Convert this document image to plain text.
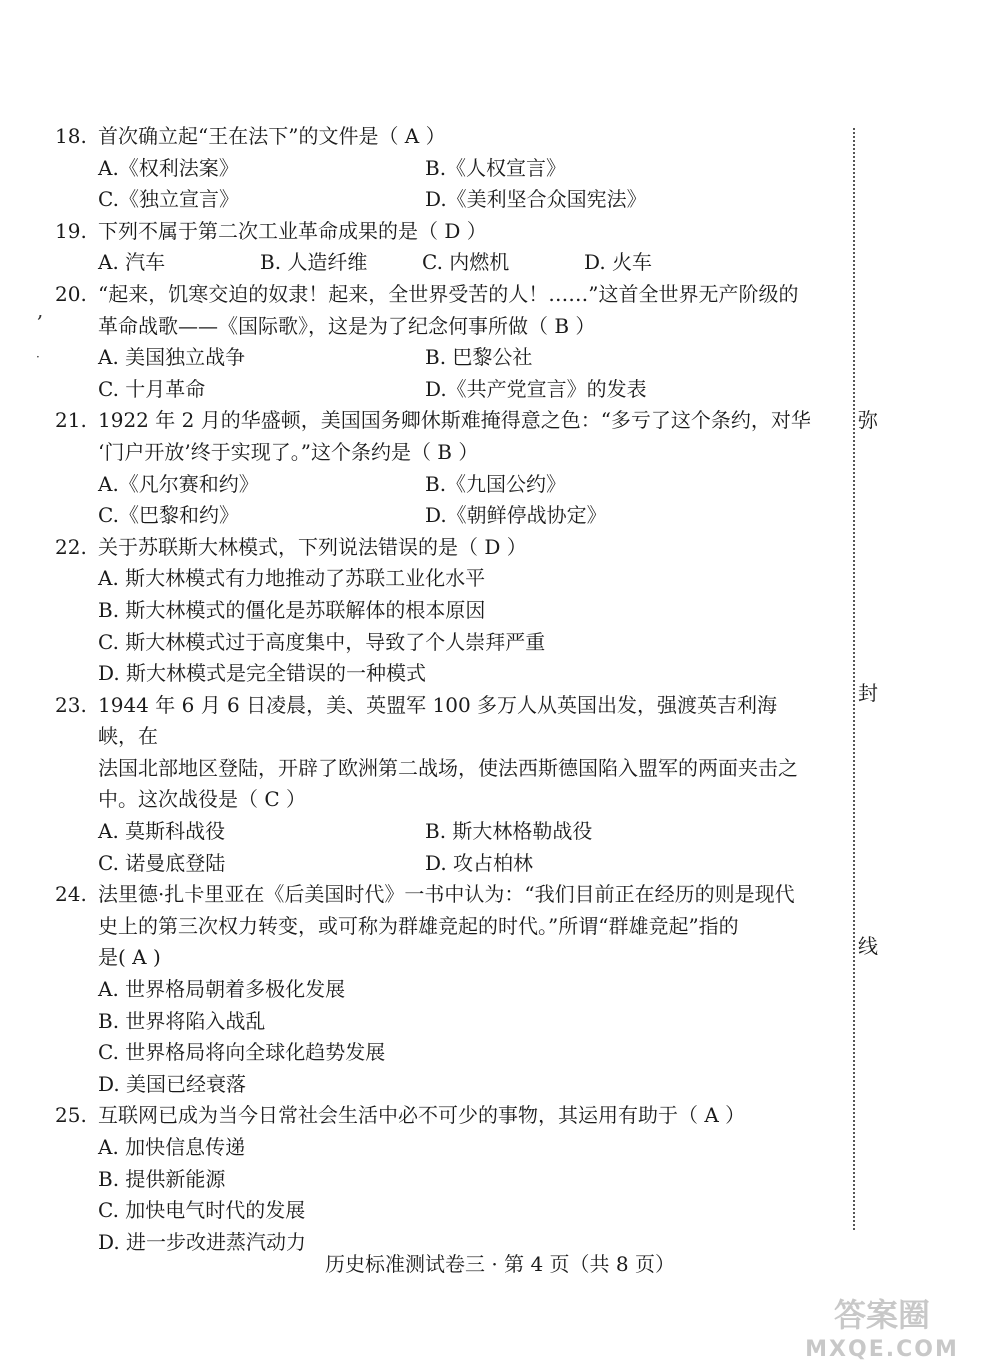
18. 首次确立起“王在法下”的文件是（ A ）
A.《权利法案》	B.《人权宣言》
C.《独立宣言》	D.《美利坚合众国宪法》
19. 下列不属于第二次工业革命成果的是（ D ）
A. 汽车	B. 人造纤维	C. 内燃机	D. 火车
20. “起来，饥寒交迫的奴隶！起来，全世界受苦的人！……”这首全世界无产阶级的
革命战歌——《国际歌》，这是为了纪念何事所做（ B ）
A. 美国独立战争	B. 巴黎公社
C. 十月革命	D.《共产党宣言》的发表
21. 1922 年 2 月的华盛顿，美国国务卿休斯难掩得意之色：“多亏了这个条约，对华
‘门户开放’终于实现了。”这个条约是（ B ）
A.《凡尔赛和约》	B.《九国公约》
C.《巴黎和约》	D.《朝鲜停战协定》
22. 关于苏联斯大林模式，下列说法错误的是（ D ）
A. 斯大林模式有力地推动了苏联工业化水平
B. 斯大林模式的僵化是苏联解体的根本原因
C. 斯大林模式过于高度集中，导致了个人崇拜严重
D. 斯大林模式是完全错误的一种模式
23. 1944 年 6 月 6 日凌晨，美、英盟军 100 多万人从英国出发，强渡英吉利海峡，在
法国北部地区登陆，开辟了欧洲第二战场，使法西斯德国陷入盟军的两面夹击之
中。这次战役是（ C ）
A. 莫斯科战役	B. 斯大林格勒战役
C. 诺曼底登陆	D. 攻占柏林
24. 法里德·扎卡里亚在《后美国时代》一书中认为：“我们目前正在经历的则是现代
史上的第三次权力转变，或可称为群雄竞起的时代。”所谓“群雄竞起”指的
是( A )
A. 世界格局朝着多极化发展
B. 世界将陷入战乱
C. 世界格局将向全球化趋势发展
D. 美国已经衰落
25. 互联网已成为当今日常社会生活中必不可少的事物，其运用有助于（ A ）
A. 加快信息传递
B. 提供新能源
C. 加快电气时代的发展
D. 进一步改进蒸汽动力
弥
封
线
,
·
历史标准测试卷三 · 第 4 页（共 8 页）
答案圈
MXQE.COM
